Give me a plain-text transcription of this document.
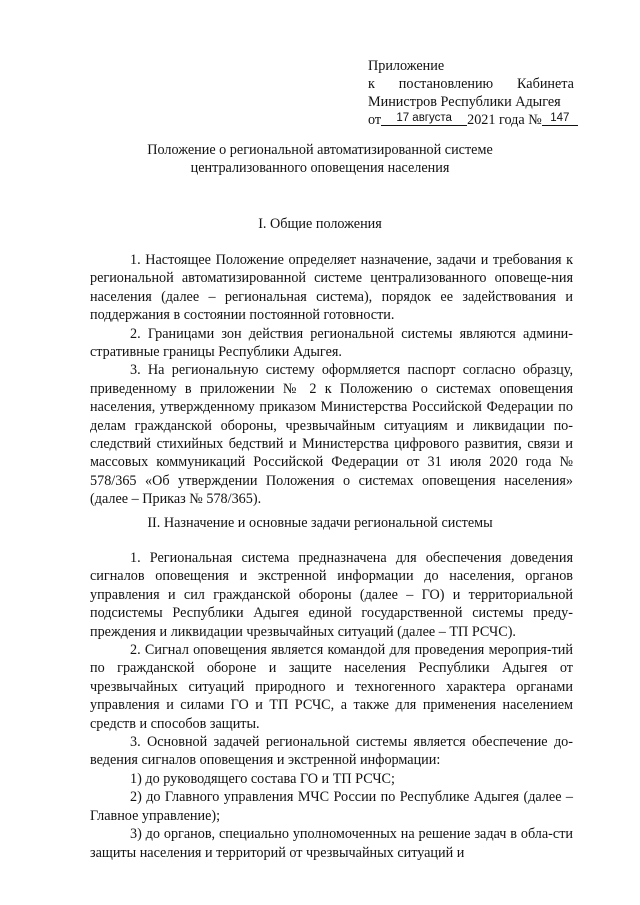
Приложение
к постановлению Кабинета
Министров Республики Адыгея
от 17 августа 2021 года № 147
Положение о региональной автоматизированной системе
централизованного оповещения населения
I. Общие положения

1. Настоящее Положение определяет назначение, задачи и требования к региональной автоматизированной системе централизованного оповеще-ния населения (далее – региональная система), порядок ее задействования и поддержания в состоянии постоянной готовности.

2. Границами зон действия региональной системы являются админи-стративные границы Республики Адыгея.

3. На региональную систему оформляется паспорт согласно образцу, приведенному в приложении № 2 к Положению о системах оповещения населения, утвержденному приказом Министерства Российской Федерации по делам гражданской обороны, чрезвычайным ситуациям и ликвидации по-следствий стихийных бедствий и Министерства цифрового развития, связи и массовых коммуникаций Российской Федерации от 31 июля 2020 года № 578/365 «Об утверждении Положения о системах оповещения населения» (далее – Приказ № 578/365).

II. Назначение и основные задачи региональной системы

1. Региональная система предназначена для обеспечения доведения сигналов оповещения и экстренной информации до населения, органов управления и сил гражданской обороны (далее – ГО) и территориальной подсистемы Республики Адыгея единой государственной системы преду-преждения и ликвидации чрезвычайных ситуаций (далее – ТП РСЧС).

2. Сигнал оповещения является командой для проведения мероприя-тий по гражданской обороне и защите населения Республики Адыгея от чрезвычайных ситуаций природного и техногенного характера органами управления и силами ГО и ТП РСЧС, а также для применения населением средств и способов защиты.

3. Основной задачей региональной системы является обеспечение до-ведения сигналов оповещения и экстренной информации:

1) до руководящего состава ГО и ТП РСЧС;

2) до Главного управления МЧС России по Республике Адыгея (далее – Главное управление);

3) до органов, специально уполномоченных на решение задач в обла-сти защиты населения и территорий от чрезвычайных ситуаций и
